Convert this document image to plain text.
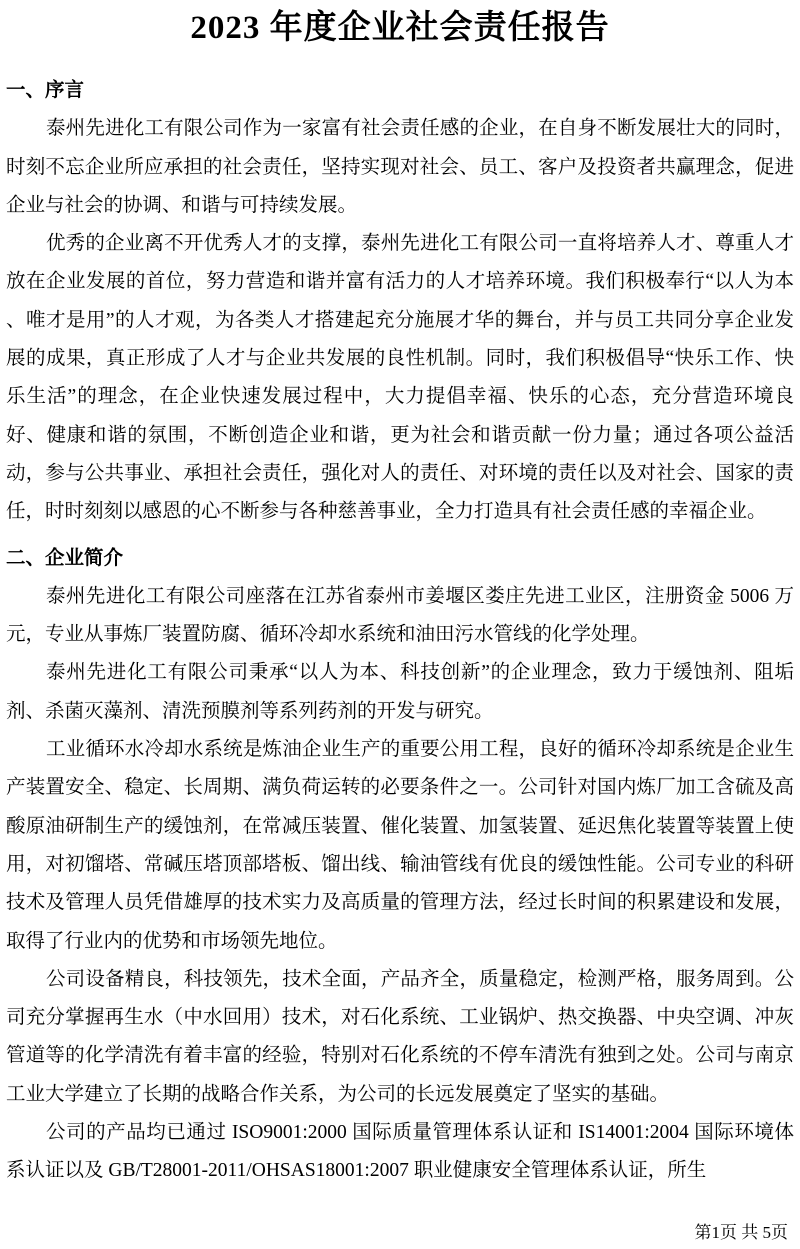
2023 年度企业社会责任报告
一、序言

泰州先进化工有限公司作为一家富有社会责任感的企业，在自身不断发展壮大的同时，时刻不忘企业所应承担的社会责任，坚持实现对社会、员工、客户及投资者共赢理念，促进企业与社会的协调、和谐与可持续发展。

优秀的企业离不开优秀人才的支撑，泰州先进化工有限公司一直将培养人才、尊重人才放在企业发展的首位，努力营造和谐并富有活力的人才培养环境。我们积极奉行“以人为本 、唯才是用”的人才观，为各类人才搭建起充分施展才华的舞台，并与员工共同分享企业发展的成果，真正形成了人才与企业共发展的良性机制。同时，我们积极倡导“快乐工作、快乐生活”的理念，在企业快速发展过程中，大力提倡幸福、快乐的心态，充分营造环境良好、健康和谐的氛围，不断创造企业和谐，更为社会和谐贡献一份力量；通过各项公益活动，参与公共事业、承担社会责任，强化对人的责任、对环境的责任以及对社会、国家的责任，时时刻刻以感恩的心不断参与各种慈善事业，全力打造具有社会责任感的幸福企业。

二、企业简介

泰州先进化工有限公司座落在江苏省泰州市姜堰区娄庄先进工业区，注册资金 5006 万元，专业从事炼厂装置防腐、循环冷却水系统和油田污水管线的化学处理。

泰州先进化工有限公司秉承“以人为本、科技创新”的企业理念，致力于缓蚀剂、阻垢剂、杀菌灭藻剂、清洗预膜剂等系列药剂的开发与研究。

工业循环水冷却水系统是炼油企业生产的重要公用工程，良好的循环冷却系统是企业生产装置安全、稳定、长周期、满负荷运转的必要条件之一。公司针对国内炼厂加工含硫及高酸原油研制生产的缓蚀剂，在常减压装置、催化装置、加氢装置、延迟焦化装置等装置上使用，对初馏塔、常碱压塔顶部塔板、馏出线、输油管线有优良的缓蚀性能。公司专业的科研技术及管理人员凭借雄厚的技术实力及高质量的管理方法，经过长时间的积累建设和发展，取得了行业内的优势和市场领先地位。

公司设备精良，科技领先，技术全面，产品齐全，质量稳定，检测严格，服务周到。公司充分掌握再生水（中水回用）技术，对石化系统、工业锅炉、热交换器、中央空调、冲灰管道等的化学清洗有着丰富的经验，特别对石化系统的不停车清洗有独到之处。公司与南京工业大学建立了长期的战略合作关系，为公司的长远发展奠定了坚实的基础。

公司的产品均已通过 ISO9001:2000 国际质量管理体系认证和 IS14001:2004 国际环境体系认证以及 GB/T28001-2011/OHSAS18001:2007 职业健康安全管理体系认证，所生

第1页 共 5页
